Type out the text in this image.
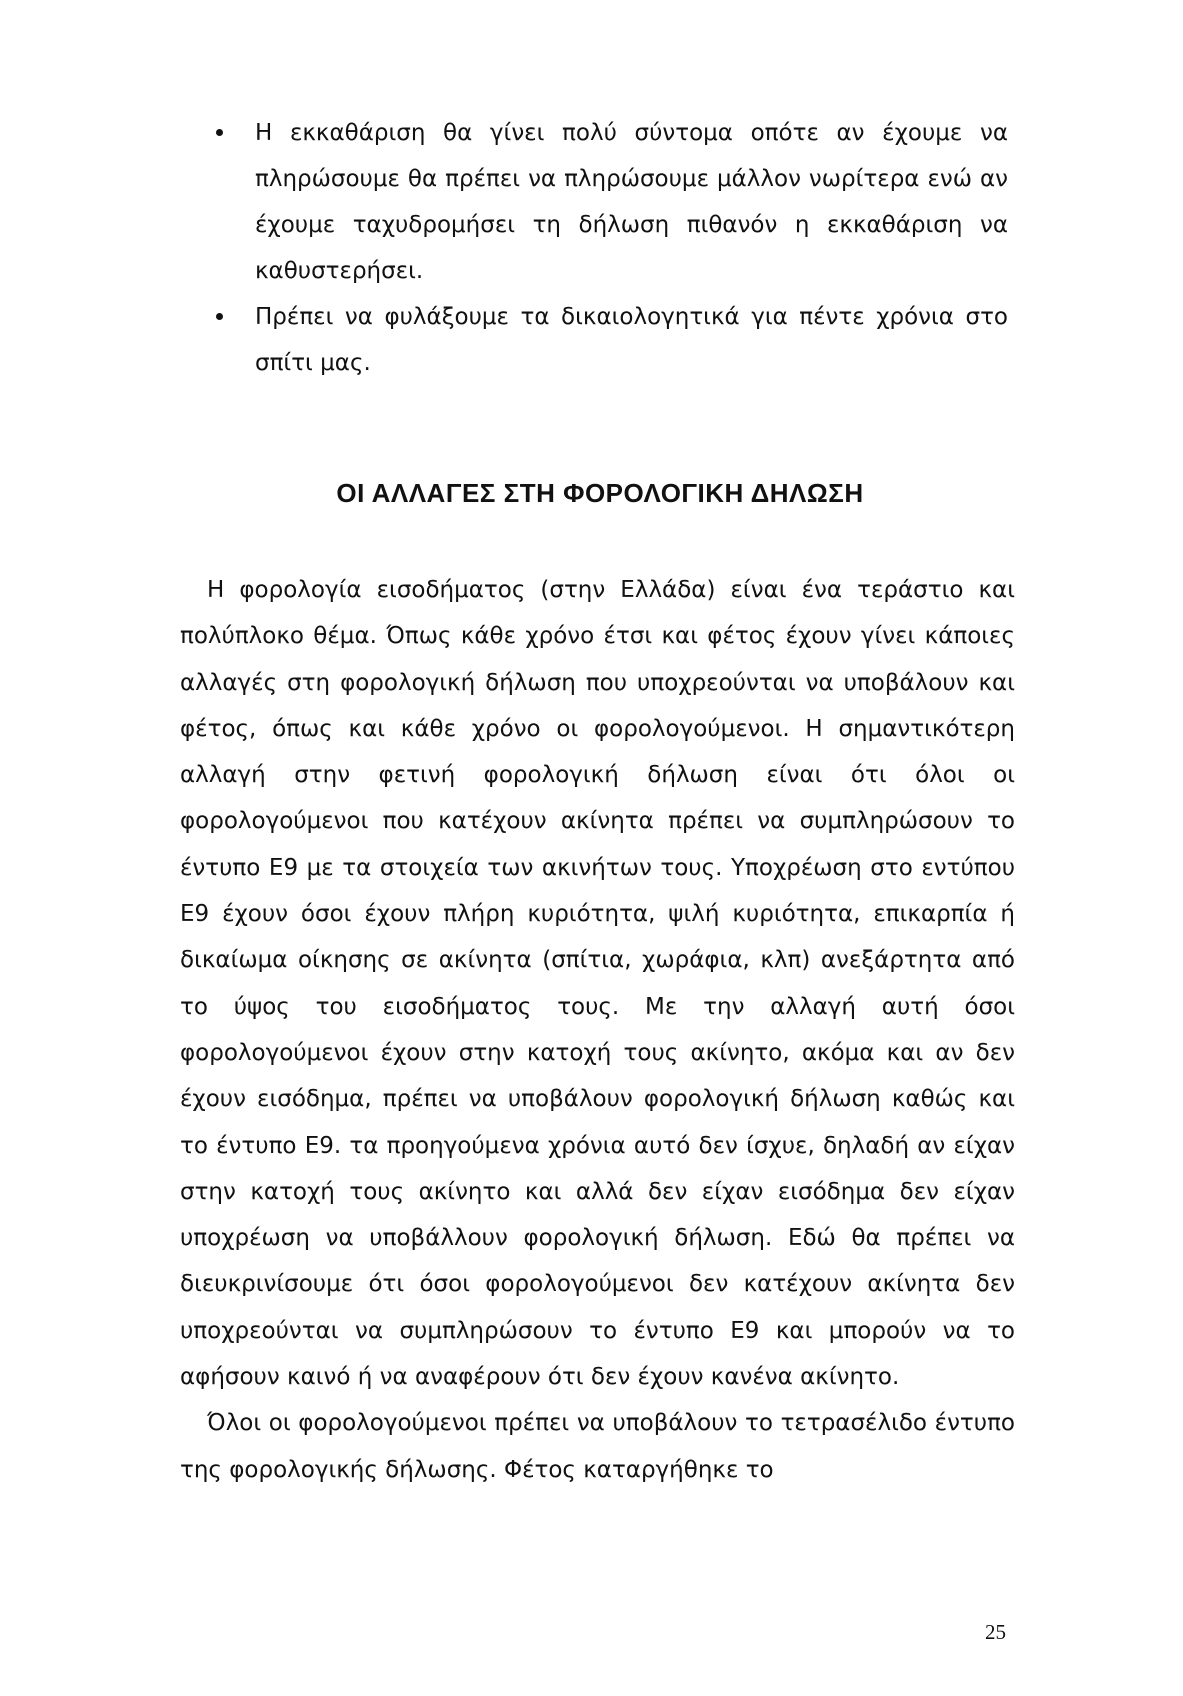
Η εκκαθάριση θα γίνει πολύ σύντομα οπότε αν έχουμε να πληρώσουμε θα πρέπει να πληρώσουμε μάλλον νωρίτερα ενώ αν έχουμε ταχυδρομήσει τη δήλωση πιθανόν η εκκαθάριση να καθυστερήσει.
Πρέπει να φυλάξουμε τα δικαιολογητικά για πέντε χρόνια στο σπίτι μας.
ΟΙ ΑΛΛΑΓΕΣ ΣΤΗ ΦΟΡΟΛΟΓΙΚΗ ΔΗΛΩΣΗ

Η φορολογία εισοδήματος (στην Ελλάδα) είναι ένα τεράστιο και πολύπλοκο θέμα. Όπως κάθε χρόνο έτσι και φέτος έχουν γίνει κάποιες αλλαγές στη φορολογική δήλωση που υποχρεούνται να υποβάλουν και φέτος, όπως και κάθε χρόνο οι φορολογούμενοι. Η σημαντικότερη αλλαγή στην φετινή φορολογική δήλωση είναι ότι όλοι οι φορολογούμενοι που κατέχουν ακίνητα πρέπει να συμπληρώσουν το έντυπο Ε9 με τα στοιχεία των ακινήτων τους. Υποχρέωση στο εντύπου Ε9 έχουν όσοι έχουν πλήρη κυριότητα, ψιλή κυριότητα, επικαρπία ή δικαίωμα οίκησης σε ακίνητα (σπίτια, χωράφια, κλπ) ανεξάρτητα από το ύψος του εισοδήματος τους. Με την αλλαγή αυτή όσοι φορολογούμενοι έχουν στην κατοχή τους ακίνητο, ακόμα και αν δεν έχουν εισόδημα, πρέπει να υποβάλουν φορολογική δήλωση καθώς και το έντυπο Ε9. τα προηγούμενα χρόνια αυτό δεν ίσχυε, δηλαδή αν είχαν στην κατοχή τους ακίνητο και αλλά δεν είχαν εισόδημα δεν είχαν υποχρέωση να υποβάλλουν φορολογική δήλωση. Εδώ θα πρέπει να διευκρινίσουμε ότι όσοι φορολογούμενοι δεν κατέχουν ακίνητα δεν υποχρεούνται να συμπληρώσουν το έντυπο Ε9 και μπορούν να το αφήσουν καινό ή να αναφέρουν ότι δεν έχουν κανένα ακίνητο.

Όλοι οι φορολογούμενοι πρέπει να υποβάλουν το τετρασέλιδο έντυπο της φορολογικής δήλωσης. Φέτος καταργήθηκε το

25
